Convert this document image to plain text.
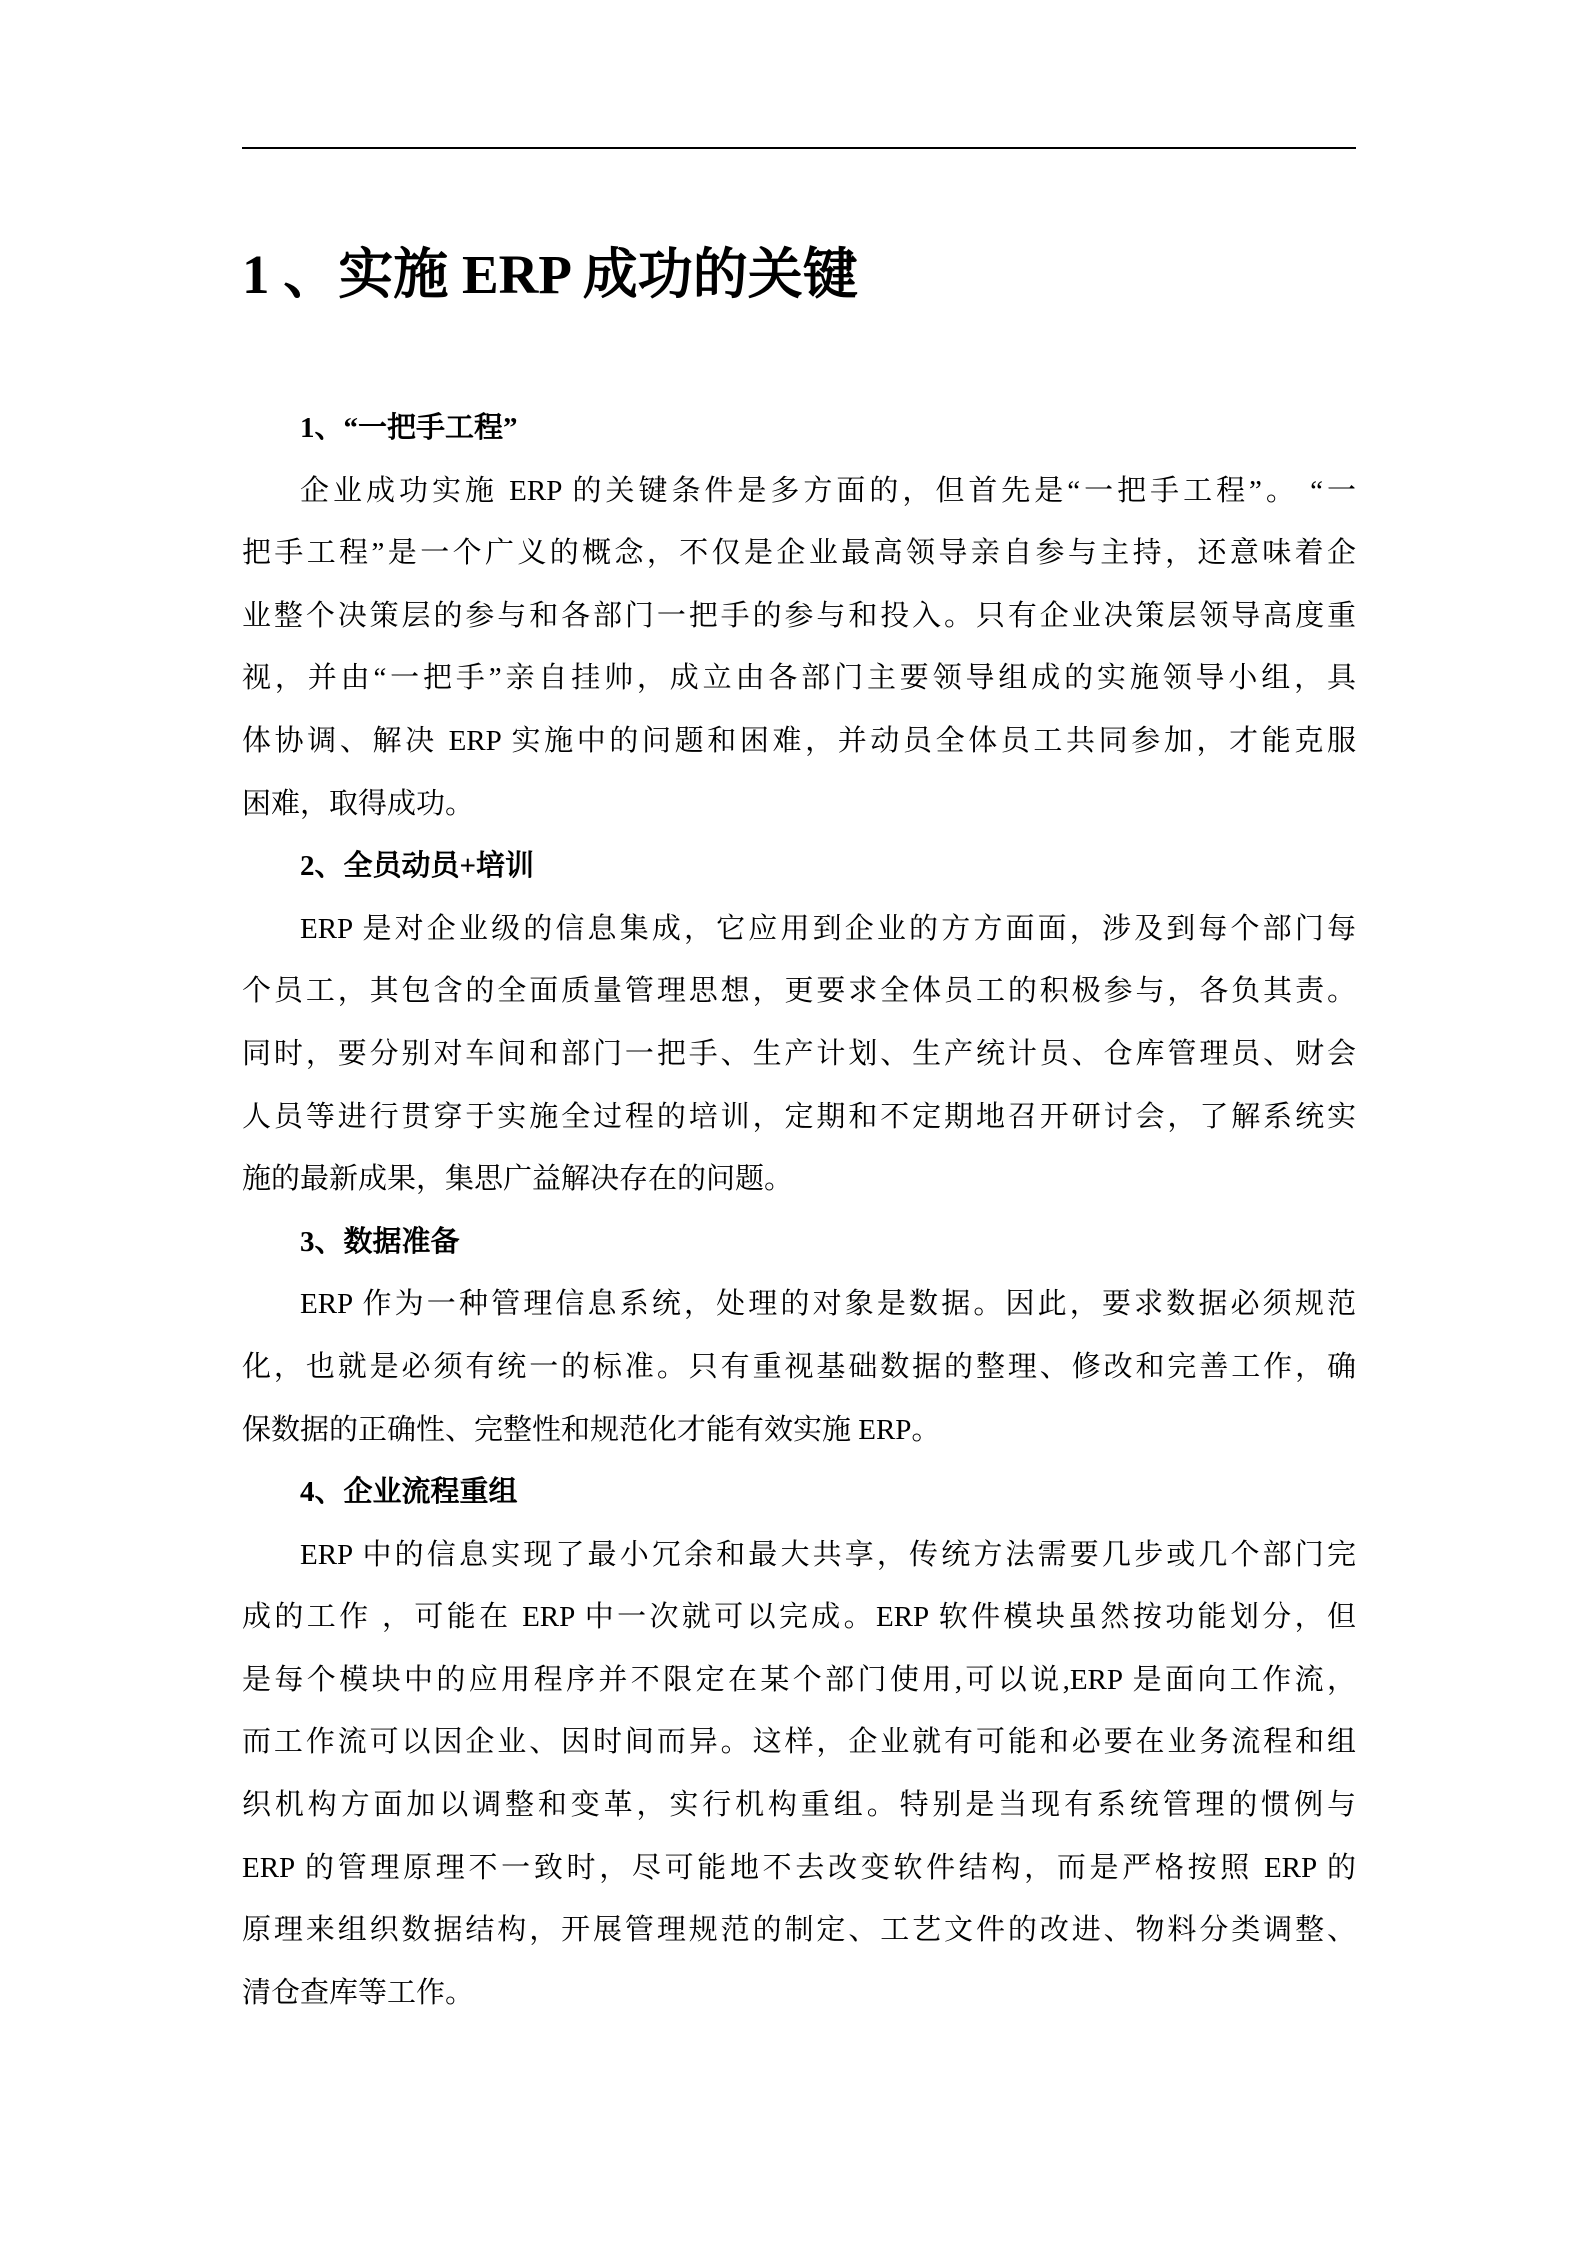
1 、实施 ERP 成功的关键
1、“一把手工程”
企业成功实施 ERP 的关键条件是多方面的，但首先是“一把手工程”。 “一
把手工程”是一个广义的概念，不仅是企业最高领导亲自参与主持，还意味着企
业整个决策层的参与和各部门一把手的参与和投入。只有企业决策层领导高度重
视，并由“一把手”亲自挂帅，成立由各部门主要领导组成的实施领导小组，具
体协调、解决 ERP 实施中的问题和困难，并动员全体员工共同参加，才能克服
困难，取得成功。
2、全员动员+培训
ERP 是对企业级的信息集成，它应用到企业的方方面面，涉及到每个部门每
个员工，其包含的全面质量管理思想，更要求全体员工的积极参与，各负其责。
同时，要分别对车间和部门一把手、生产计划、生产统计员、仓库管理员、财会
人员等进行贯穿于实施全过程的培训，定期和不定期地召开研讨会，了解系统实
施的最新成果，集思广益解决存在的问题。
3、数据准备
ERP 作为一种管理信息系统，处理的对象是数据。因此，要求数据必须规范
化，也就是必须有统一的标准。只有重视基础数据的整理、修改和完善工作，确
保数据的正确性、完整性和规范化才能有效实施 ERP。
4、企业流程重组
ERP 中的信息实现了最小冗余和最大共享，传统方法需要几步或几个部门完
成的工作 ，可能在 ERP 中一次就可以完成。ERP 软件模块虽然按功能划分，但
是每个模块中的应用程序并不限定在某个部门使用,可以说,ERP 是面向工作流，
而工作流可以因企业、因时间而异。这样，企业就有可能和必要在业务流程和组
织机构方面加以调整和变革，实行机构重组。特别是当现有系统管理的惯例与
ERP 的管理原理不一致时，尽可能地不去改变软件结构，而是严格按照 ERP 的
原理来组织数据结构，开展管理规范的制定、工艺文件的改进、物料分类调整、
清仓查库等工作。
